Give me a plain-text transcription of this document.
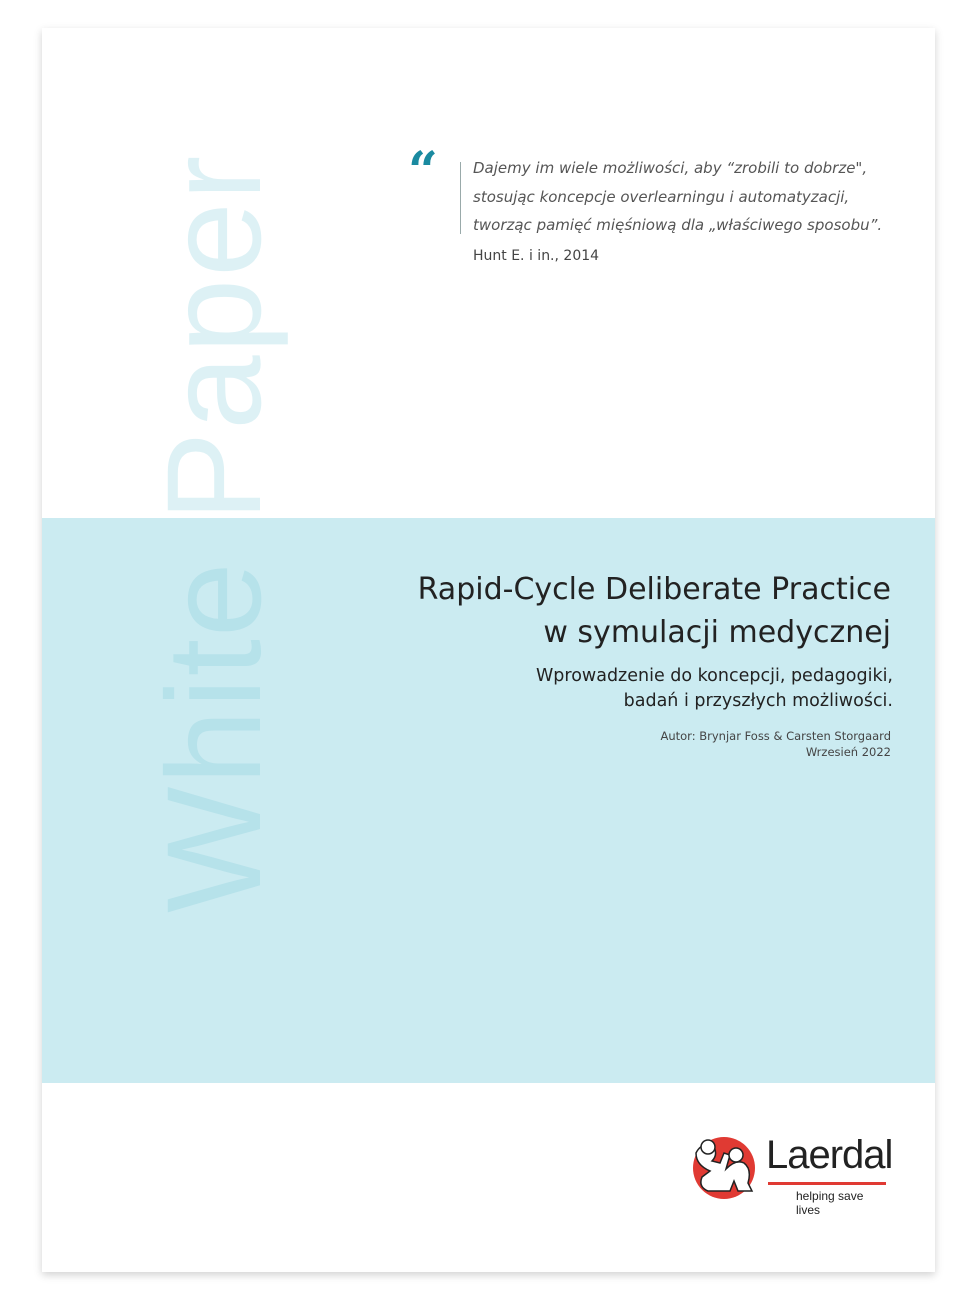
White Paper “ Dajemy im wiele możliwości, aby “zrobili to dobrze",
stosując koncepcje overlearningu i automatyzacji,
tworząc pamięć mięśniową dla „właściwego sposobu”.
Hunt E. i in., 2014
Rapid-Cycle Deliberate Practice
w symulacji medycznej
Wprowadzenie do koncepcji, pedagogiki,
badań i przyszłych możliwości.
Autor: Brynjar Foss & Carsten Storgaard
Wrzesień 2022
Laerdal
helping save lives
